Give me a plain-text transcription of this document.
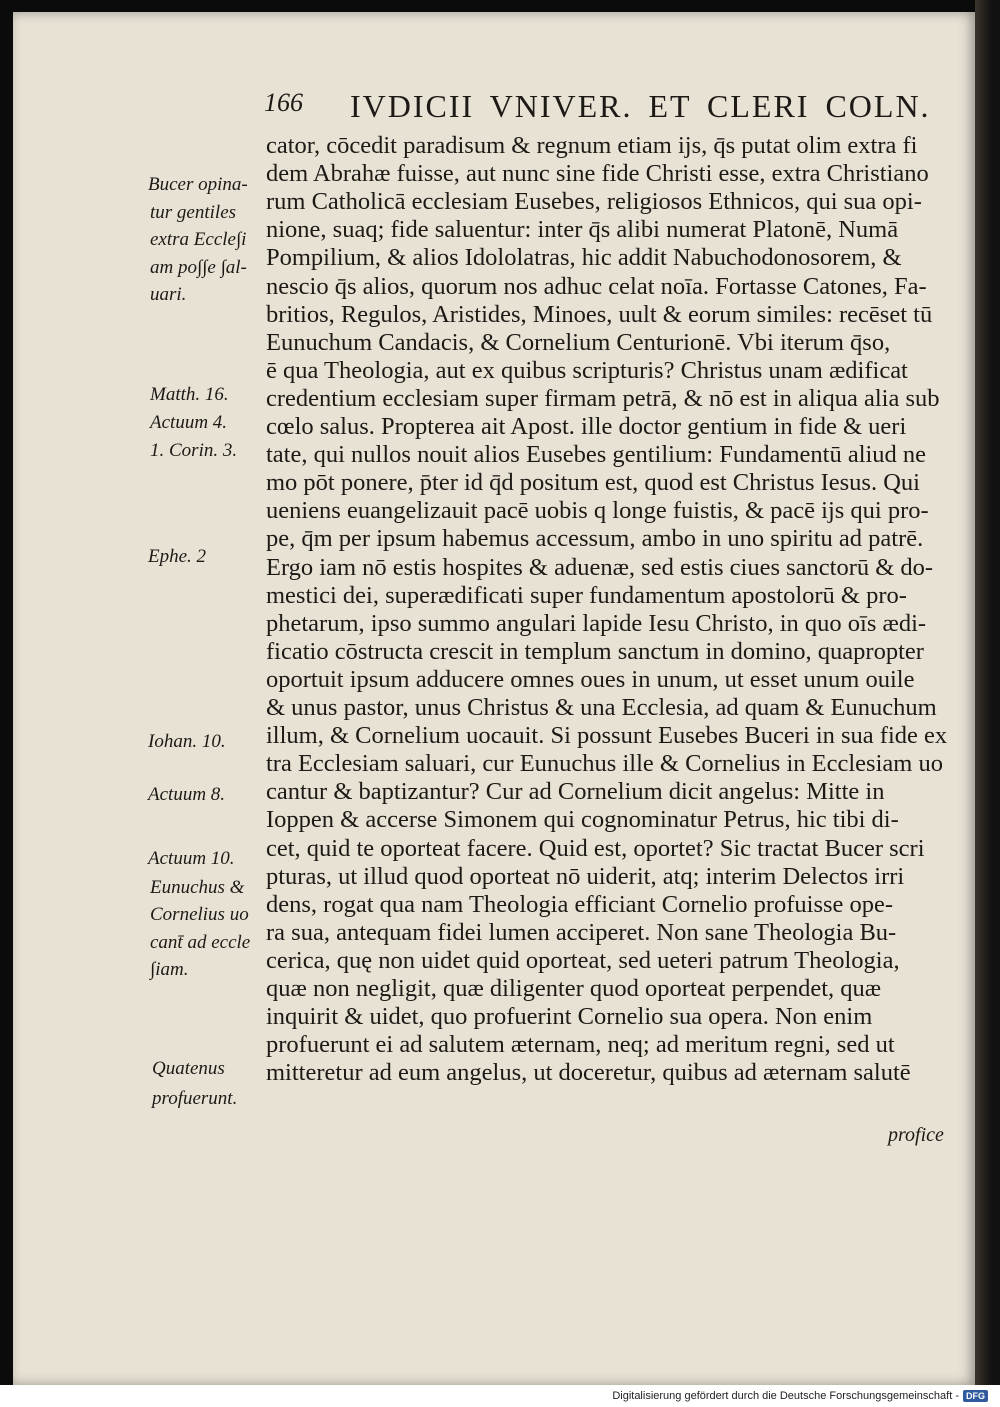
166 IVDICII VNIVER. ET CLERI COLN.
cator, cōcedit paradisum & regnum etiam ijs, q̄s putat olim extra fi
dem Abrahæ fuisse, aut nunc sine fide Christi esse, extra Christiano
rum Catholicā ecclesiam Eusebes, religiosos Ethnicos, qui sua opi-
nione, suaq; fide saluentur: inter q̄s alibi numerat Platonē, Numā
Pompilium, & alios Idololatras, hic addit Nabuchodonosorem, &
nescio q̄s alios, quorum nos adhuc celat noīa. Fortasse Catones, Fa-
britios, Regulos, Aristides, Minoes, uult & eorum similes: recēset tū
Eunuchum Candacis, & Cornelium Centurionē. Vbi iterum q̄so,
ē qua Theologia, aut ex quibus scripturis? Christus unam ædificat
credentium ecclesiam super firmam petrā, & nō est in aliqua alia sub
cœlo salus. Propterea ait Apost. ille doctor gentium in fide & ueri
tate, qui nullos nouit alios Eusebes gentilium: Fundamentū aliud ne
mo pōt ponere, p̄ter id q̄d positum est, quod est Christus Iesus. Qui
ueniens euangelizauit pacē uobis q longe fuistis, & pacē ijs qui pro-
pe, q̄m per ipsum habemus accessum, ambo in uno spiritu ad patrē.
Ergo iam nō estis hospites & aduenæ, sed estis ciues sanctorū & do-
mestici dei, superædificati super fundamentum apostolorū & pro-
phetarum, ipso summo angulari lapide Iesu Christo, in quo oīs ædi-
ficatio cōstructa crescit in templum sanctum in domino, quapropter
oportuit ipsum adducere omnes oues in unum, ut esset unum ouile
& unus pastor, unus Christus & una Ecclesia, ad quam & Eunuchum
illum, & Cornelium uocauit. Si possunt Eusebes Buceri in sua fide ex
tra Ecclesiam saluari, cur Eunuchus ille & Cornelius in Ecclesiam uo
cantur & baptizantur? Cur ad Cornelium dicit angelus: Mitte in
Ioppen & accerse Simonem qui cognominatur Petrus, hic tibi di-
cet, quid te oporteat facere. Quid est, oportet? Sic tractat Bucer scri
pturas, ut illud quod oporteat nō uiderit, atq; interim Delectos irri
dens, rogat qua nam Theologia efficiant Cornelio profuisse ope-
ra sua, antequam fidei lumen acciperet. Non sane Theologia Bu-
cerica, quę non uidet quid oporteat, sed ueteri patrum Theologia,
quæ non negligit, quæ diligenter quod oporteat perpendet, quæ
inquirit & uidet, quo profuerint Cornelio sua opera. Non enim
profuerunt ei ad salutem æternam, neq; ad meritum regni, sed ut
mitteretur ad eum angelus, ut doceretur, quibus ad æternam salutē
Bucer opina-
tur gentiles
extra Eccle∫i
am po∫∫e ∫al-
uari.
Matth. 16.
Actuum 4.
1. Corin. 3.
Ephe. 2
Iohan. 10.
Actuum 8.
Actuum 10.
Eunuchus &
Cornelius uo
cant̄ ad eccle
∫iam.
Quatenus
profuerunt.
profice
Digitalisierung gefördert durch die Deutsche Forschungsgemeinschaft - DFG
